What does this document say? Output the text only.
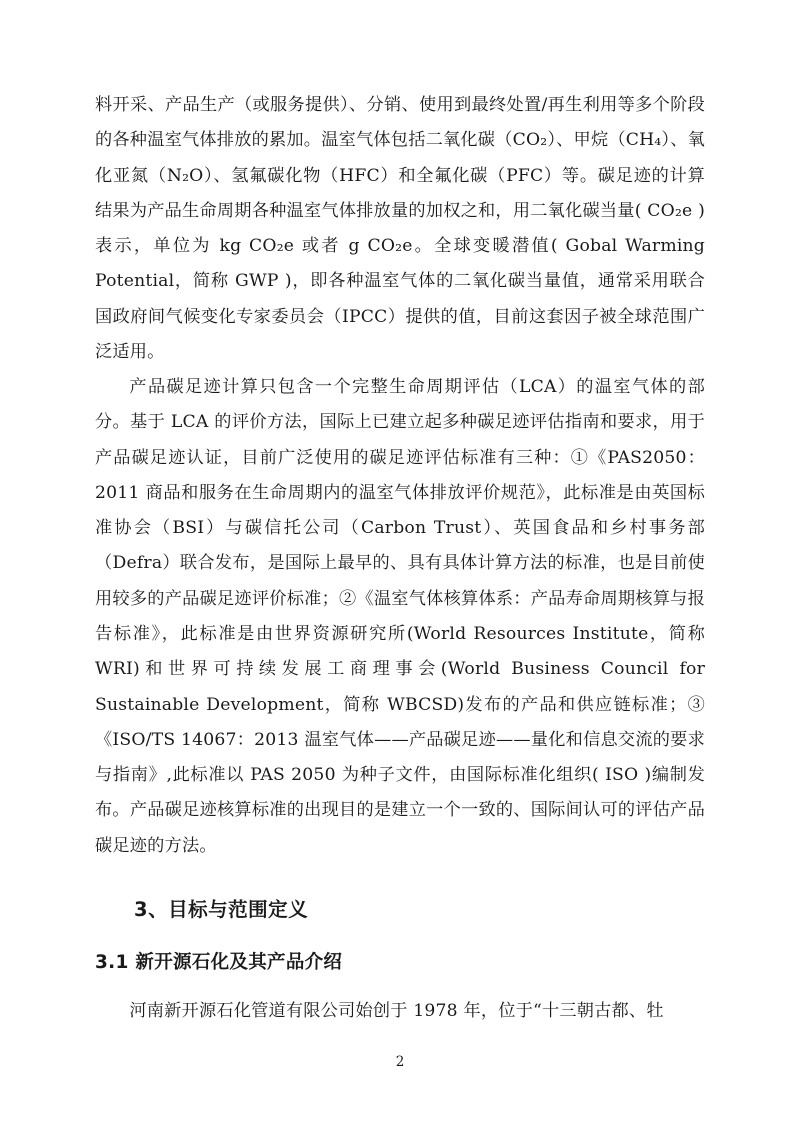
料开采、产品生产（或服务提供）、分销、使用到最终处置/再生利用等多个阶段的各种温室气体排放的累加。温室气体包括二氧化碳（CO₂）、甲烷（CH₄）、氧化亚氮（N₂O）、氢氟碳化物（HFC）和全氟化碳（PFC）等。碳足迹的计算结果为产品生命周期各种温室气体排放量的加权之和，用二氧化碳当量( CO₂e )表示，单位为 kg CO₂e 或者 g CO₂e。全球变暖潜值( Gobal Warming Potential，简称 GWP )，即各种温室气体的二氧化碳当量值，通常采用联合国政府间气候变化专家委员会（IPCC）提供的值，目前这套因子被全球范围广泛适用。

产品碳足迹计算只包含一个完整生命周期评估（LCA）的温室气体的部分。基于 LCA 的评价方法，国际上已建立起多种碳足迹评估指南和要求，用于产品碳足迹认证，目前广泛使用的碳足迹评估标准有三种：①《PAS2050：2011 商品和服务在生命周期内的温室气体排放评价规范》，此标准是由英国标准协会（BSI）与碳信托公司（Carbon Trust）、英国食品和乡村事务部（Defra）联合发布，是国际上最早的、具有具体计算方法的标准，也是目前使用较多的产品碳足迹评价标准；②《温室气体核算体系：产品寿命周期核算与报告标准》，此标准是由世界资源研究所(World Resources Institute，简称 WRI)和世界可持续发展工商理事会(World Business Council for Sustainable Development，简称 WBCSD)发布的产品和供应链标准；③《ISO/TS 14067：2013 温室气体——产品碳足迹——量化和信息交流的要求与指南》,此标准以 PAS 2050 为种子文件，由国际标准化组织( ISO )编制发布。产品碳足迹核算标准的出现目的是建立一个一致的、国际间认可的评估产品碳足迹的方法。

3、目标与范围定义
3.1 新开源石化及其产品介绍

河南新开源石化管道有限公司始创于 1978 年，位于“十三朝古都、牡

2
